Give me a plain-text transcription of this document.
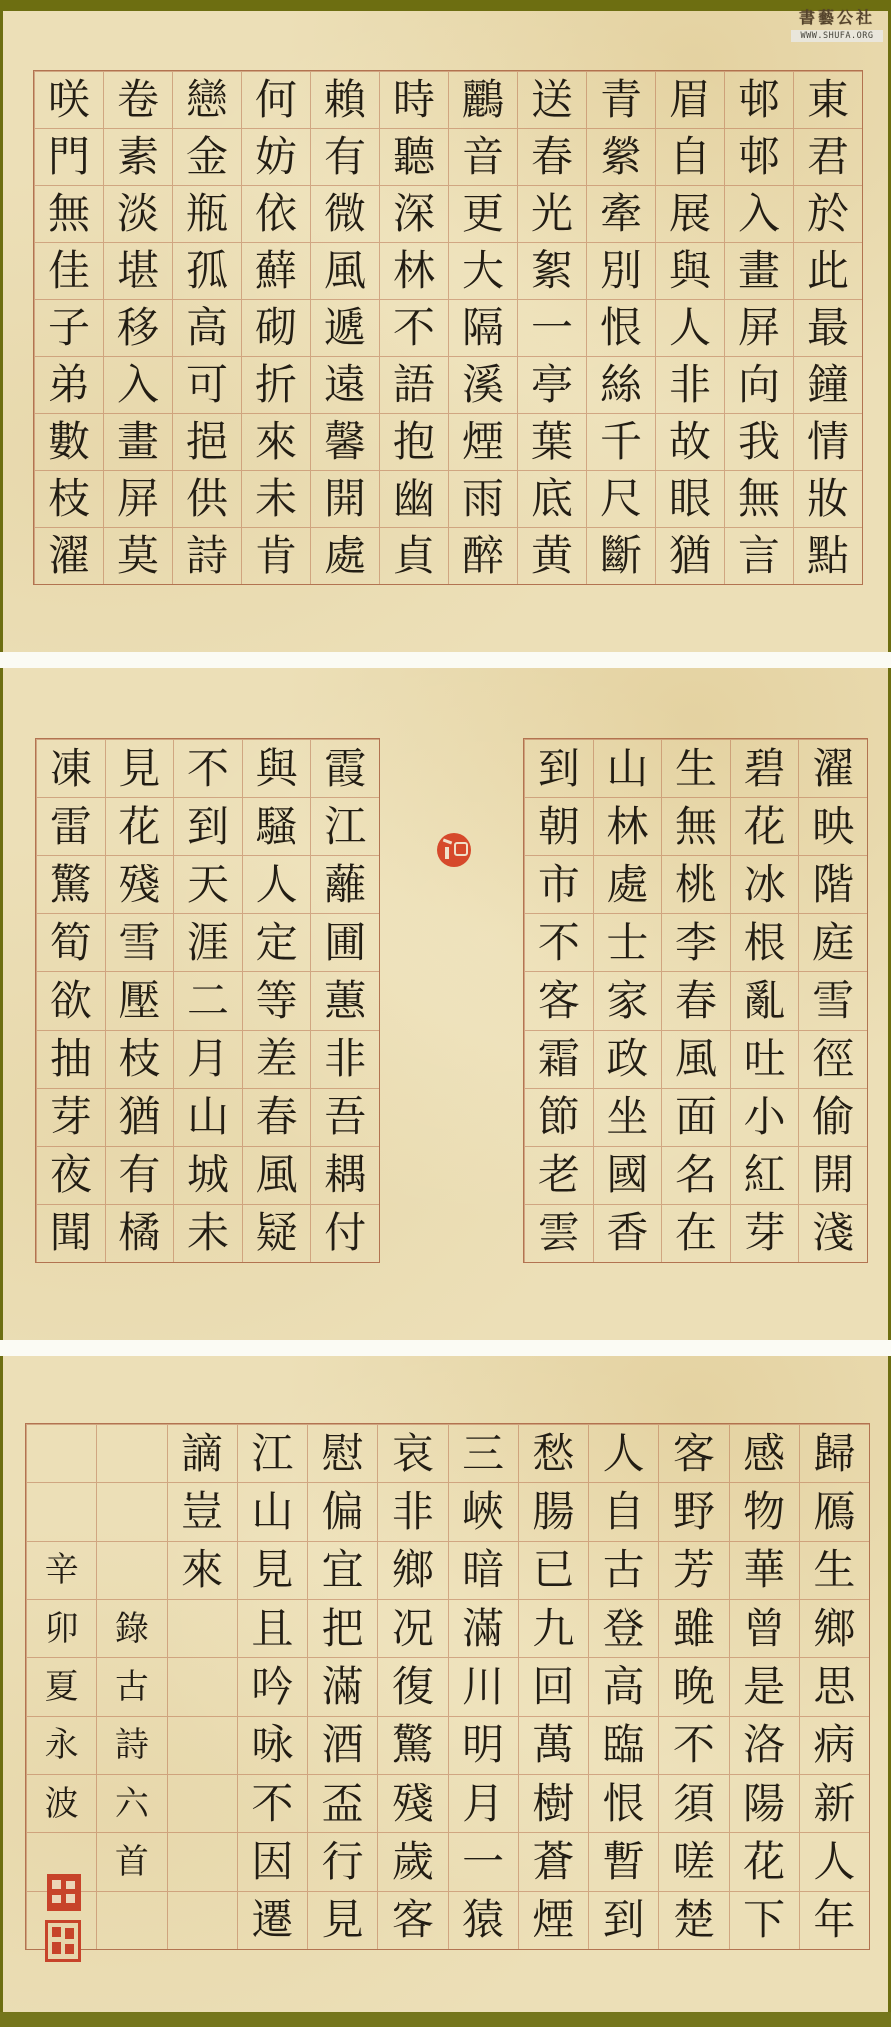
書藝公社
WWW.SHUFA.ORG
東
君
於
此
最
鐘
情
妝
點
邨
邨
入
畫
屏
向
我
無
言
眉
自
展
與
人
非
故
眼
猶
青
縈
牽
別
恨
絲
千
尺
斷
送
春
光
絮
一
亭
葉
底
黄
鸝
音
更
大
隔
溪
煙
雨
醉
時
聽
深
林
不
語
抱
幽
貞
賴
有
微
風
遞
遠
馨
開
處
何
妨
依
蘚
砌
折
來
未
肯
戀
金
瓶
孤
高
可
挹
供
詩
卷
素
淡
堪
移
入
畫
屏
莫
咲
門
無
佳
子
弟
數
枝
濯
濯
映
階
庭
雪
徑
偷
開
淺
碧
花
冰
根
亂
吐
小
紅
芽
生
無
桃
李
春
風
面
名
在
山
林
處
士
家
政
坐
國
香
到
朝
市
不
客
霜
節
老
雲
霞
江
蘺
圃
蕙
非
吾
耦
付
與
騷
人
定
等
差
春
風
疑
不
到
天
涯
二
月
山
城
未
見
花
殘
雪
壓
枝
猶
有
橘
凍
雷
驚
筍
欲
抽
芽
夜
聞
歸
鴈
生
鄉
思
病
新
人
年
感
物
華
曾
是
洛
陽
花
下
客
野
芳
雖
晚
不
須
嗟
楚
人
自
古
登
高
臨
恨
暫
到
愁
腸
已
九
回
萬
樹
蒼
煙
三
峽
暗
滿
川
明
月
一
猿
哀
非
鄉
况
復
驚
殘
歲
客
慰
偏
宜
把
滿
酒
盃
行
見
江
山
見
且
吟
咏
不
因
遷
謫
豈
來
錄
古
詩
六
首
辛
卯
夏
永
波
